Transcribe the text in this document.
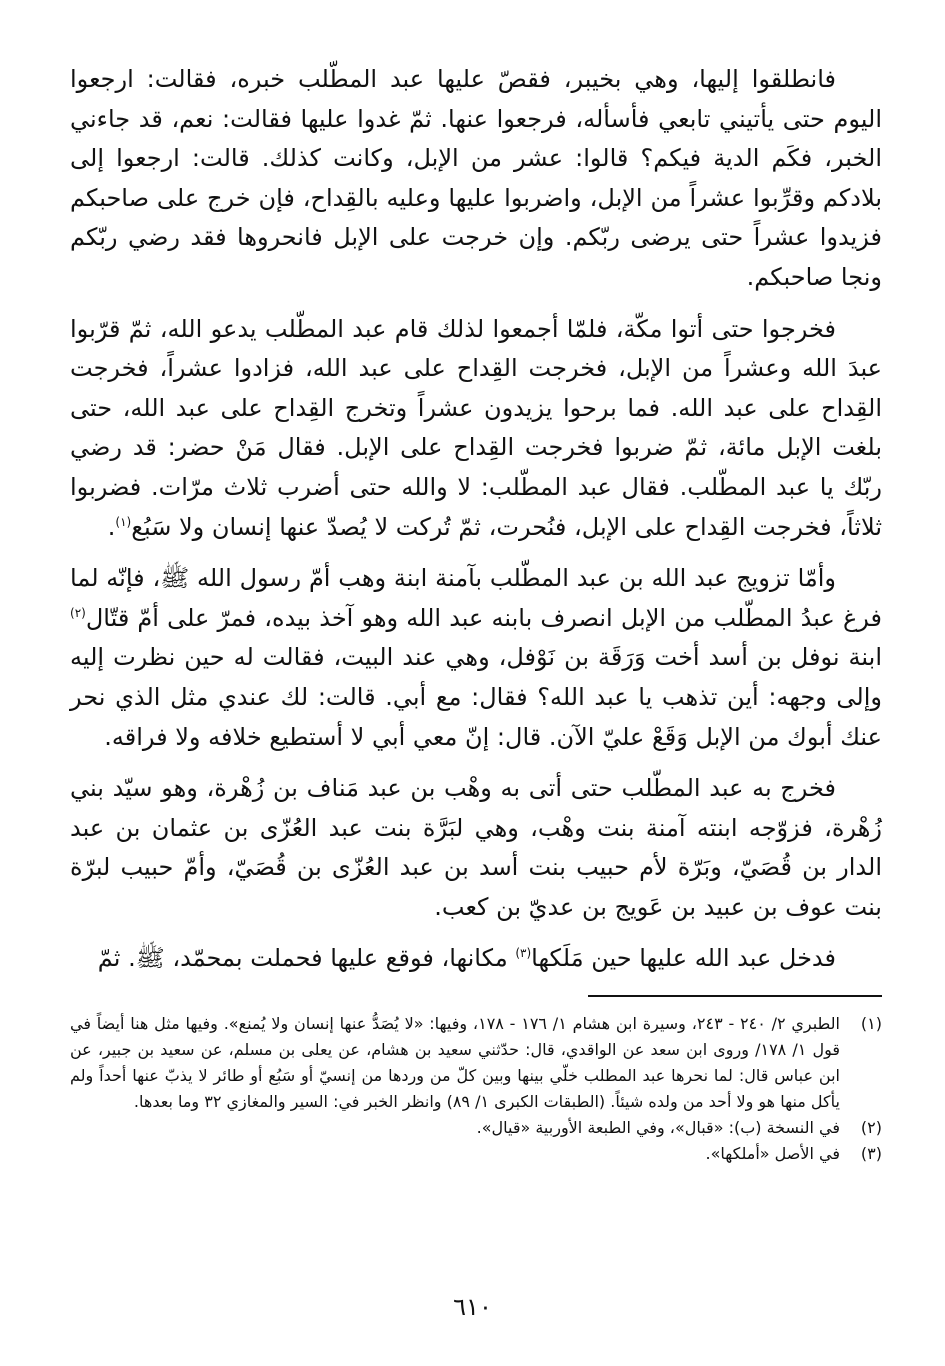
فانطلقوا إليها، وهي بخيبر، فقصّ عليها عبد المطّلب خبره، فقالت: ارجعوا اليوم حتى يأتيني تابعي فأسأله، فرجعوا عنها. ثمّ غدوا عليها فقالت: نعم، قد جاءني الخبر، فكَم الدية فيكم؟ قالوا: عشر من الإبل، وكانت كذلك. قالت: ارجعوا إلى بلادكم وقرِّبوا عشراً من الإبل، واضربوا عليها وعليه بالقِداح، فإن خرج على صاحبكم فزيدوا عشراً حتى يرضى ربّكم. وإن خرجت على الإبل فانحروها فقد رضي ربّكم ونجا صاحبكم.

فخرجوا حتى أتوا مكّة، فلمّا أجمعوا لذلك قام عبد المطّلب يدعو الله، ثمّ قرّبوا عبدَ الله وعشراً من الإبل، فخرجت القِداح على عبد الله، فزادوا عشراً، فخرجت القِداح على عبد الله. فما برحوا يزيدون عشراً وتخرج القِداح على عبد الله، حتى بلغت الإبل مائة، ثمّ ضربوا فخرجت القِداح على الإبل. فقال مَنْ حضر: قد رضي ربّك يا عبد المطّلب. فقال عبد المطّلب: لا والله حتى أضرب ثلاث مرّات. فضربوا ثلاثاً، فخرجت القِداح على الإبل، فنُحرت، ثمّ تُركت لا يُصدّ عنها إنسان ولا سَبُع$^{(١)}$.

وأمّا تزويج عبد الله بن عبد المطّلب بآمنة ابنة وهب أمّ رسول الله ﷺ، فإنّه لما فرغ عبدُ المطّلب من الإبل انصرف بابنه عبد الله وهو آخذ بيده، فمرّ على أمّ قتّال$^{(٢)}$ ابنة نوفل بن أسد أخت وَرَقَة بن نَوْفل، وهي عند البيت، فقالت له حين نظرت إليه وإلى وجهه: أين تذهب يا عبد الله؟ فقال: مع أبي. قالت: لك عندي مثل الذي نحر عنك أبوك من الإبل وَقَعْ عليّ الآن. قال: إنّ معي أبي لا أستطيع خلافه ولا فراقه.

فخرج به عبد المطّلب حتى أتى به وهْب بن عبد مَناف بن زُهْرة، وهو سيّد بني زُهْرة، فزوّجه ابنته آمنة بنت وهْب، وهي لبَرَّة بنت عبد العُزّى بن عثمان بن عبد الدار بن قُصَيّ، وبَرّة لأم حبيب بنت أسد بن عبد العُزّى بن قُصَيّ، وأمّ حبيب لبرّة بنت عوف بن عبيد بن عَويج بن عديّ بن كعب.

فدخل عبد الله عليها حين مَلَكها$^{(٣)}$ مكانها، فوقع عليها فحملت بمحمّد، ﷺ. ثمّ

(١)
الطبري ٢/ ٢٤٠ - ٢٤٣، وسيرة ابن هشام ١/ ١٧٦ - ١٧٨، وفيها: «لا يُصَدُّ عنها إنسان ولا يُمنع». وفيها مثل هنا أيضاً في قول ١/ ١٧٨/ وروى ابن سعد عن الواقدي، قال: حدّثني سعيد بن هشام، عن يعلى بن مسلم، عن سعيد بن جبير، عن ابن عباس قال: لما نحرها عبد المطلب خلّي بينها وبين كلّ من وردها من إنسيّ أو سَبُع أو طائر لا يذبّ عنها أحداً ولم يأكل منها هو ولا أحد من ولده شيئاً. (الطبقات الكبرى ١/ ٨٩) وانظر الخبر في: السير والمغازي ٣٢ وما بعدها.
(٢)
في النسخة (ب): «قبال»، وفي الطبعة الأوربية «قيال».
(٣)
في الأصل «أملكها».
٦١٠
